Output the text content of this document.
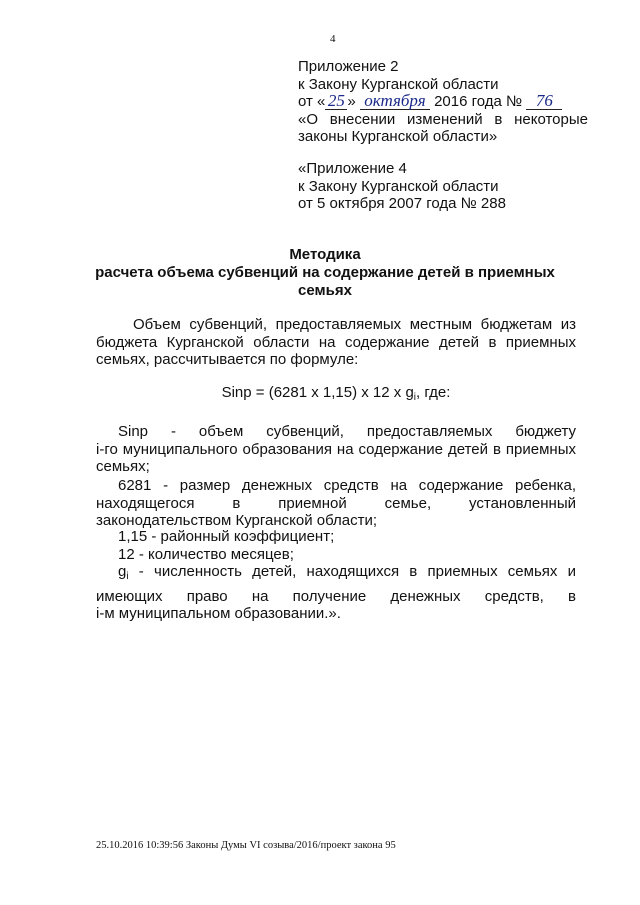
4
Приложение 2
к Закону Курганской области
от « 25 » октября 2016 года № 76
«О внесении изменений в некоторые
законы Курганской области»
«Приложение 4
к Закону Курганской области
от 5 октября 2007 года № 288
Методика
расчета объема субвенций на содержание детей в приемных
семьях
Объем субвенций, предоставляемых местным бюджетам из бюджета Курганской области на содержание детей в приемных семьях, рассчитывается по формуле:
Sinp = (6281 x 1,15) x 12 x $g_i$, где:
Sinp - объем субвенций, предоставляемых бюджету
i-го муниципального образования на содержание детей в приемных семьях;
6281 - размер денежных средств на содержание ребенка,
находящегося в приемной семье, установленный законодательством Курганской области;
1,15 - районный коэффициент;
12 - количество месяцев;
$g_i$ - численность детей, находящихся в приемных семьях и
имеющих право на получение денежных средств, в
i-м муниципальном образовании.».
25.10.2016 10:39:56 Законы Думы VI созыва/2016/проект закона 95
